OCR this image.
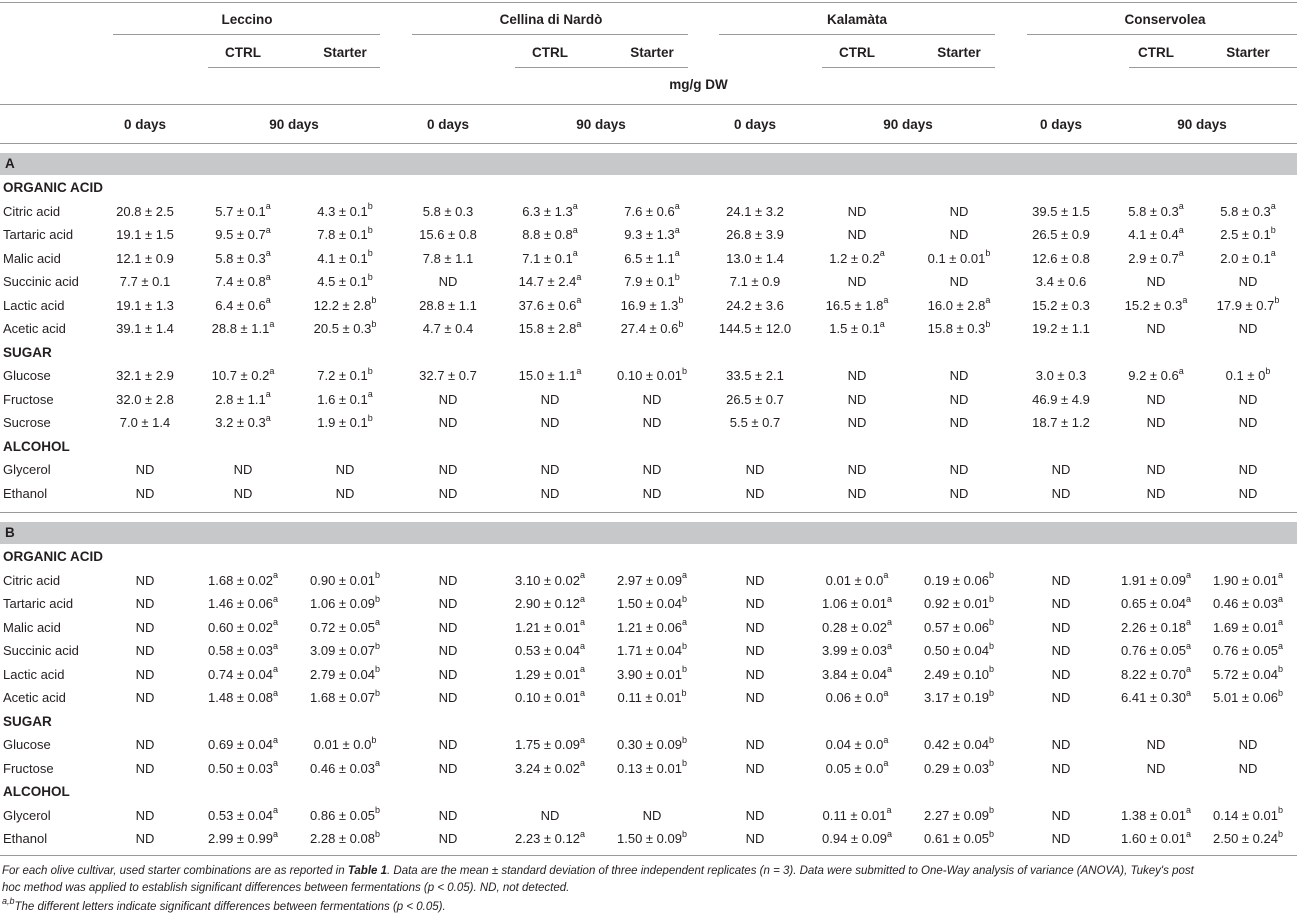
mg/g DW
Leccino
CTRL	Starter
0 days	90 days
Cellina di Nardò
CTRL	Starter
0 days	90 days
Kalamàta
CTRL	Starter
0 days	90 days
Conservolea
CTRL	Starter
0 days	90 days
A
ORGANIC ACID
Citric acid	20.8 ± 2.5	5.7 ± 0.1$^a$	4.3 ± 0.1$^b$	5.8 ± 0.3	6.3 ± 1.3$^a$	7.6 ± 0.6$^a$	24.1 ± 3.2	ND	ND	39.5 ± 1.5	5.8 ± 0.3$^a$	5.8 ± 0.3$^a$
Tartaric acid	19.1 ± 1.5	9.5 ± 0.7$^a$	7.8 ± 0.1$^b$	15.6 ± 0.8	8.8 ± 0.8$^a$	9.3 ± 1.3$^a$	26.8 ± 3.9	ND	ND	26.5 ± 0.9	4.1 ± 0.4$^a$	2.5 ± 0.1$^b$
Malic acid	12.1 ± 0.9	5.8 ± 0.3$^a$	4.1 ± 0.1$^b$	7.8 ± 1.1	7.1 ± 0.1$^a$	6.5 ± 1.1$^a$	13.0 ± 1.4	1.2 ± 0.2$^a$	0.1 ± 0.01$^b$	12.6 ± 0.8	2.9 ± 0.7$^a$	2.0 ± 0.1$^a$
Succinic acid	7.7 ± 0.1	7.4 ± 0.8$^a$	4.5 ± 0.1$^b$	ND	14.7 ± 2.4$^a$	7.9 ± 0.1$^b$	7.1 ± 0.9	ND	ND	3.4 ± 0.6	ND	ND
Lactic acid	19.1 ± 1.3	6.4 ± 0.6$^a$	12.2 ± 2.8$^b$	28.8 ± 1.1	37.6 ± 0.6$^a$	16.9 ± 1.3$^b$	24.2 ± 3.6	16.5 ± 1.8$^a$	16.0 ± 2.8$^a$	15.2 ± 0.3	15.2 ± 0.3$^a$	17.9 ± 0.7$^b$
Acetic acid	39.1 ± 1.4	28.8 ± 1.1$^a$	20.5 ± 0.3$^b$	4.7 ± 0.4	15.8 ± 2.8$^a$	27.4 ± 0.6$^b$	144.5 ± 12.0	1.5 ± 0.1$^a$	15.8 ± 0.3$^b$	19.2 ± 1.1	ND	ND
SUGAR
Glucose	32.1 ± 2.9	10.7 ± 0.2$^a$	7.2 ± 0.1$^b$	32.7 ± 0.7	15.0 ± 1.1$^a$	0.10 ± 0.01$^b$	33.5 ± 2.1	ND	ND	3.0 ± 0.3	9.2 ± 0.6$^a$	$0.1 \pm 0^b$
Fructose	32.0 ± 2.8	2.8 ± 1.1$^a$	1.6 ± 0.1$^a$	ND	ND	ND	26.5 ± 0.7	ND	ND	46.9 ± 4.9	ND	ND
Sucrose	7.0 ± 1.4	3.2 ± 0.3$^a$	1.9 ± 0.1$^b$	ND	ND	ND	5.5 ± 0.7	ND	ND	18.7 ± 1.2	ND	ND
ALCOHOL
Glycerol	ND	ND	ND	ND	ND	ND	ND	ND	ND	ND	ND	ND
Ethanol	ND	ND	ND	ND	ND	ND	ND	ND	ND	ND	ND	ND
B
ORGANIC ACID
Citric acid	ND	1.68 ± 0.02$^a$	0.90 ± 0.01$^b$	ND	3.10 ± 0.02$^a$	2.97 ± 0.09$^a$	ND	0.01 ± 0.0$^a$	0.19 ± 0.06$^b$	ND	1.91 ± 0.09$^a$	1.90 ± 0.01$^a$
Tartaric acid	ND	1.46 ± 0.06$^a$	1.06 ± 0.09$^b$	ND	2.90 ± 0.12$^a$	1.50 ± 0.04$^b$	ND	1.06 ± 0.01$^a$	0.92 ± 0.01$^b$	ND	0.65 ± 0.04$^a$	0.46 ± 0.03$^a$
Malic acid	ND	0.60 ± 0.02$^a$	0.72 ± 0.05$^a$	ND	1.21 ± 0.01$^a$	1.21 ± 0.06$^a$	ND	0.28 ± 0.02$^a$	0.57 ± 0.06$^b$	ND	2.26 ± 0.18$^a$	1.69 ± 0.01$^a$
Succinic acid	ND	0.58 ± 0.03$^a$	3.09 ± 0.07$^b$	ND	0.53 ± 0.04$^a$	1.71 ± 0.04$^b$	ND	3.99 ± 0.03$^a$	0.50 ± 0.04$^b$	ND	0.76 ± 0.05$^a$	0.76 ± 0.05$^a$
Lactic acid	ND	0.74 ± 0.04$^a$	2.79 ± 0.04$^b$	ND	1.29 ± 0.01$^a$	3.90 ± 0.01$^b$	ND	3.84 ± 0.04$^a$	2.49 ± 0.10$^b$	ND	8.22 ± 0.70$^a$	5.72 ± 0.04$^b$
Acetic acid	ND	1.48 ± 0.08$^a$	1.68 ± 0.07$^b$	ND	0.10 ± 0.01$^a$	0.11 ± 0.01$^b$	ND	0.06 ± 0.0$^a$	3.17 ± 0.19$^b$	ND	6.41 ± 0.30$^a$	5.01 ± 0.06$^b$
SUGAR
Glucose	ND	0.69 ± 0.04$^a$	0.01 ± 0.0$^b$	ND	1.75 ± 0.09$^a$	0.30 ± 0.09$^b$	ND	0.04 ± 0.0$^a$	0.42 ± 0.04$^b$	ND	ND	ND
Fructose	ND	0.50 ± 0.03$^a$	0.46 ± 0.03$^a$	ND	3.24 ± 0.02$^a$	0.13 ± 0.01$^b$	ND	0.05 ± 0.0$^a$	0.29 ± 0.03$^b$	ND	ND	ND
ALCOHOL
Glycerol	ND	0.53 ± 0.04$^a$	0.86 ± 0.05$^b$	ND	ND	ND	ND	0.11 ± 0.01$^a$	2.27 ± 0.09$^b$	ND	1.38 ± 0.01$^a$	0.14 ± 0.01$^b$
Ethanol	ND	2.99 ± 0.99$^a$	2.28 ± 0.08$^b$	ND	2.23 ± 0.12$^a$	1.50 ± 0.09$^b$	ND	0.94 ± 0.09$^a$	0.61 ± 0.05$^b$	ND	1.60 ± 0.01$^a$	2.50 ± 0.24$^b$
For each olive cultivar, used starter combinations are as reported in Table 1. Data are the mean ± standard deviation of three independent replicates (n = 3). Data were submitted to One-Way analysis of variance (ANOVA), Tukey's post
hoc method was applied to establish significant differences between fermentations (p < 0.05). ND, not detected.
$^{a,b}$The different letters indicate significant differences between fermentations (p < 0.05).
